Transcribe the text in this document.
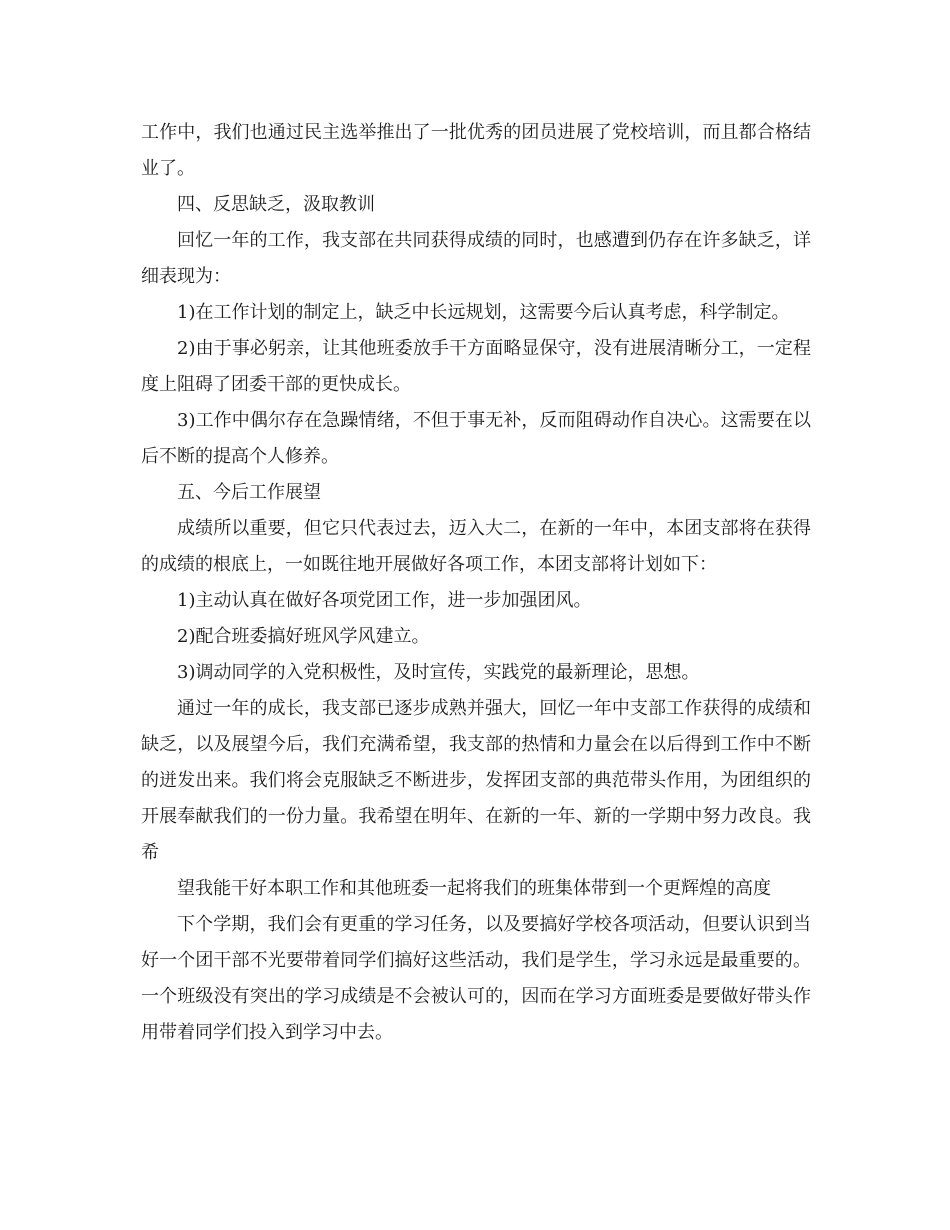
工作中，我们也通过民主选举推出了一批优秀的团员进展了党校培训，而且都合格结业了。

四、反思缺乏，汲取教训

回忆一年的工作，我支部在共同获得成绩的同时，也感遭到仍存在许多缺乏，详细表现为：

1)在工作计划的制定上，缺乏中长远规划，这需要今后认真考虑，科学制定。

2)由于事必躬亲，让其他班委放手干方面略显保守，没有进展清晰分工，一定程度上阻碍了团委干部的更快成长。

3)工作中偶尔存在急躁情绪，不但于事无补，反而阻碍动作自决心。这需要在以后不断的提高个人修养。

五、今后工作展望

成绩所以重要，但它只代表过去，迈入大二，在新的一年中，本团支部将在获得的成绩的根底上，一如既往地开展做好各项工作，本团支部将计划如下：

1)主动认真在做好各项党团工作，进一步加强团风。

2)配合班委搞好班风学风建立。

3)调动同学的入党积极性，及时宣传，实践党的最新理论，思想。

通过一年的成长，我支部已逐步成熟并强大，回忆一年中支部工作获得的成绩和缺乏，以及展望今后，我们充满希望，我支部的热情和力量会在以后得到工作中不断的迸发出来。我们将会克服缺乏不断进步，发挥团支部的典范带头作用，为团组织的开展奉献我们的一份力量。我希望在明年、在新的一年、新的一学期中努力改良。我希

望我能干好本职工作和其他班委一起将我们的班集体带到一个更辉煌的高度

下个学期，我们会有更重的学习任务，以及要搞好学校各项活动，但要认识到当好一个团干部不光要带着同学们搞好这些活动，我们是学生，学习永远是最重要的。一个班级没有突出的学习成绩是不会被认可的，因而在学习方面班委是要做好带头作用带着同学们投入到学习中去。
